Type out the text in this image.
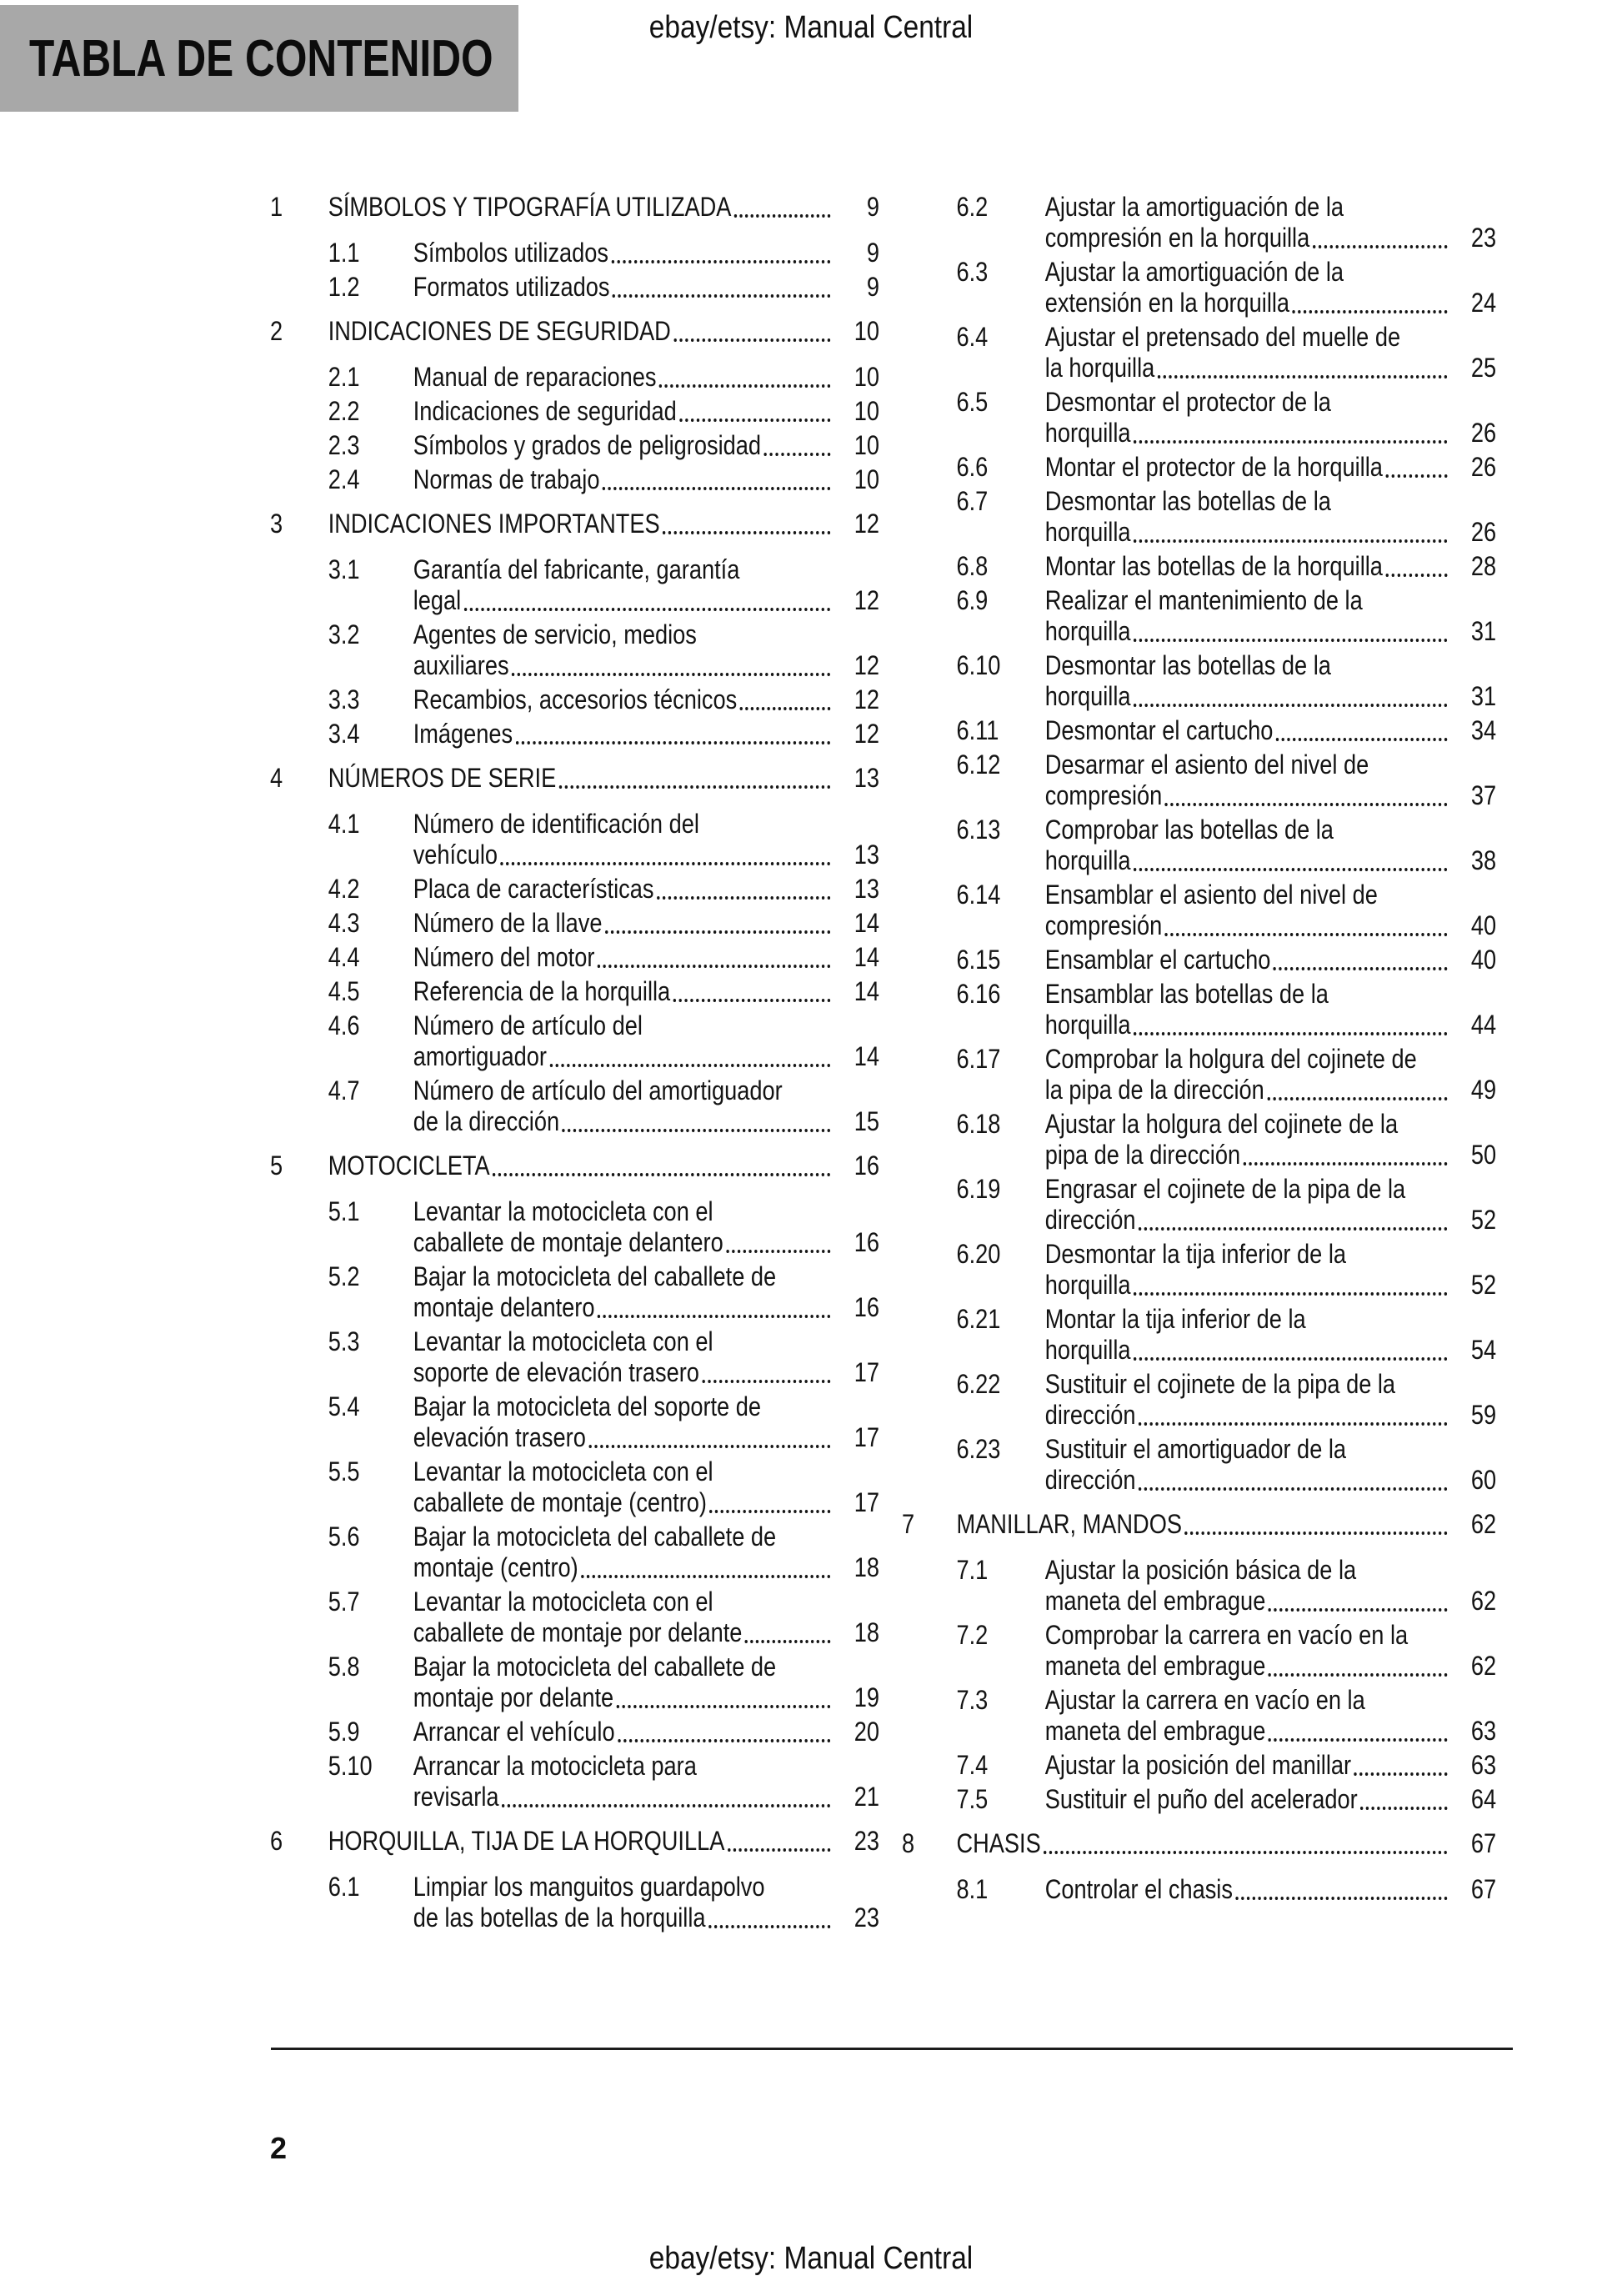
TABLA DE CONTENIDO
ebay/etsy: Manual Central
1	SÍMBOLOS Y TIPOGRAFÍA UTILIZADA	9
1.1	Símbolos utilizados	9
1.2	Formatos utilizados	9
2	INDICACIONES DE SEGURIDAD	10
2.1	Manual de reparaciones	10
2.2	Indicaciones de seguridad	10
2.3	Símbolos y grados de peligrosidad	10
2.4	Normas de trabajo	10
3	INDICACIONES IMPORTANTES	12
3.1	Garantía del fabricante, garantía
legal	12
3.2	Agentes de servicio, medios
auxiliares	12
3.3	Recambios, accesorios técnicos	12
3.4	Imágenes	12
4	NÚMEROS DE SERIE	13
4.1	Número de identificación del
vehículo	13
4.2	Placa de características	13
4.3	Número de la llave	14
4.4	Número del motor	14
4.5	Referencia de la horquilla	14
4.6	Número de artículo del
amortiguador	14
4.7	Número de artículo del amortiguador
de la dirección	15
5	MOTOCICLETA	16
5.1	Levantar la motocicleta con el
caballete de montaje delantero	16
5.2	Bajar la motocicleta del caballete de
montaje delantero	16
5.3	Levantar la motocicleta con el
soporte de elevación trasero	17
5.4	Bajar la motocicleta del soporte de
elevación trasero	17
5.5	Levantar la motocicleta con el
caballete de montaje (centro)	17
5.6	Bajar la motocicleta del caballete de
montaje (centro)	18
5.7	Levantar la motocicleta con el
caballete de montaje por delante	18
5.8	Bajar la motocicleta del caballete de
montaje por delante	19
5.9	Arrancar el vehículo	20
5.10	Arrancar la motocicleta para
revisarla	21
6	HORQUILLA, TIJA DE LA HORQUILLA	23
6.1	Limpiar los manguitos guardapolvo
de las botellas de la horquilla	23
6.2	Ajustar la amortiguación de la
compresión en la horquilla	23
6.3	Ajustar la amortiguación de la
extensión en la horquilla	24
6.4	Ajustar el pretensado del muelle de
la horquilla	25
6.5	Desmontar el protector de la
horquilla	26
6.6	Montar el protector de la horquilla	26
6.7	Desmontar las botellas de la
horquilla	26
6.8	Montar las botellas de la horquilla	28
6.9	Realizar el mantenimiento de la
horquilla	31
6.10	Desmontar las botellas de la
horquilla	31
6.11	Desmontar el cartucho	34
6.12	Desarmar el asiento del nivel de
compresión	37
6.13	Comprobar las botellas de la
horquilla	38
6.14	Ensamblar el asiento del nivel de
compresión	40
6.15	Ensamblar el cartucho	40
6.16	Ensamblar las botellas de la
horquilla	44
6.17	Comprobar la holgura del cojinete de
la pipa de la dirección	49
6.18	Ajustar la holgura del cojinete de la
pipa de la dirección	50
6.19	Engrasar el cojinete de la pipa de la
dirección	52
6.20	Desmontar la tija inferior de la
horquilla	52
6.21	Montar la tija inferior de la
horquilla	54
6.22	Sustituir el cojinete de la pipa de la
dirección	59
6.23	Sustituir el amortiguador de la
dirección	60
7	MANILLAR, MANDOS	62
7.1	Ajustar la posición básica de la
maneta del embrague	62
7.2	Comprobar la carrera en vacío en la
maneta del embrague	62
7.3	Ajustar la carrera en vacío en la
maneta del embrague	63
7.4	Ajustar la posición del manillar	63
7.5	Sustituir el puño del acelerador	64
8	CHASIS	67
8.1	Controlar el chasis	67
2
ebay/etsy: Manual Central
